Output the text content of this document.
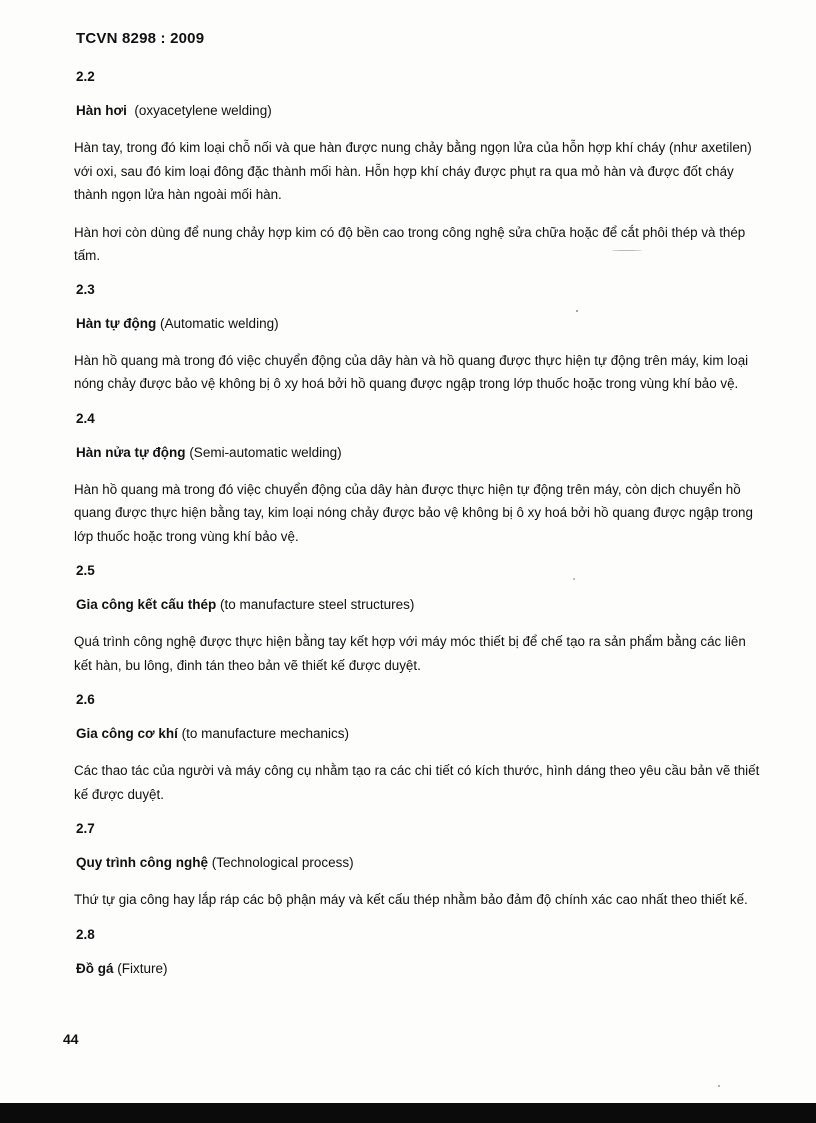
TCVN 8298 : 2009
2.2
Hàn hơi (oxyacetylene welding)

Hàn tay, trong đó kim loại chỗ nối và que hàn được nung chảy bằng ngọn lửa của hỗn hợp khí cháy (như axetilen) với oxi, sau đó kim loại đông đặc thành mối hàn. Hỗn hợp khí cháy được phụt ra qua mỏ hàn và được đốt cháy thành ngọn lửa hàn ngoài mối hàn.

Hàn hơi còn dùng để nung chảy hợp kim có độ bền cao trong công nghệ sửa chữa hoặc để cắt phôi thép và thép tấm.

2.3
Hàn tự động (Automatic welding)

Hàn hồ quang mà trong đó việc chuyển động của dây hàn và hồ quang được thực hiện tự động trên máy, kim loại nóng chảy được bảo vệ không bị ô xy hoá bởi hồ quang được ngập trong lớp thuốc hoặc trong vùng khí bảo vệ.

2.4
Hàn nửa tự động (Semi-automatic welding)

Hàn hồ quang mà trong đó việc chuyển động của dây hàn được thực hiện tự động trên máy, còn dịch chuyển hồ quang được thực hiện bằng tay, kim loại nóng chảy được bảo vệ không bị ô xy hoá bởi hồ quang được ngập trong lớp thuốc hoặc trong vùng khí bảo vệ.

2.5
Gia công kết cấu thép (to manufacture steel structures)

Quá trình công nghệ được thực hiện bằng tay kết hợp với máy móc thiết bị để chế tạo ra sản phẩm bằng các liên kết hàn, bu lông, đinh tán theo bản vẽ thiết kế được duyệt.

2.6
Gia công cơ khí (to manufacture mechanics)

Các thao tác của người và máy công cụ nhằm tạo ra các chi tiết có kích thước, hình dáng theo yêu cầu bản vẽ thiết kế được duyệt.

2.7
Quy trình công nghệ (Technological process)

Thứ tự gia công hay lắp ráp các bộ phận máy và kết cấu thép nhằm bảo đảm độ chính xác cao nhất theo thiết kế.

2.8
Đồ gá (Fixture)
44
